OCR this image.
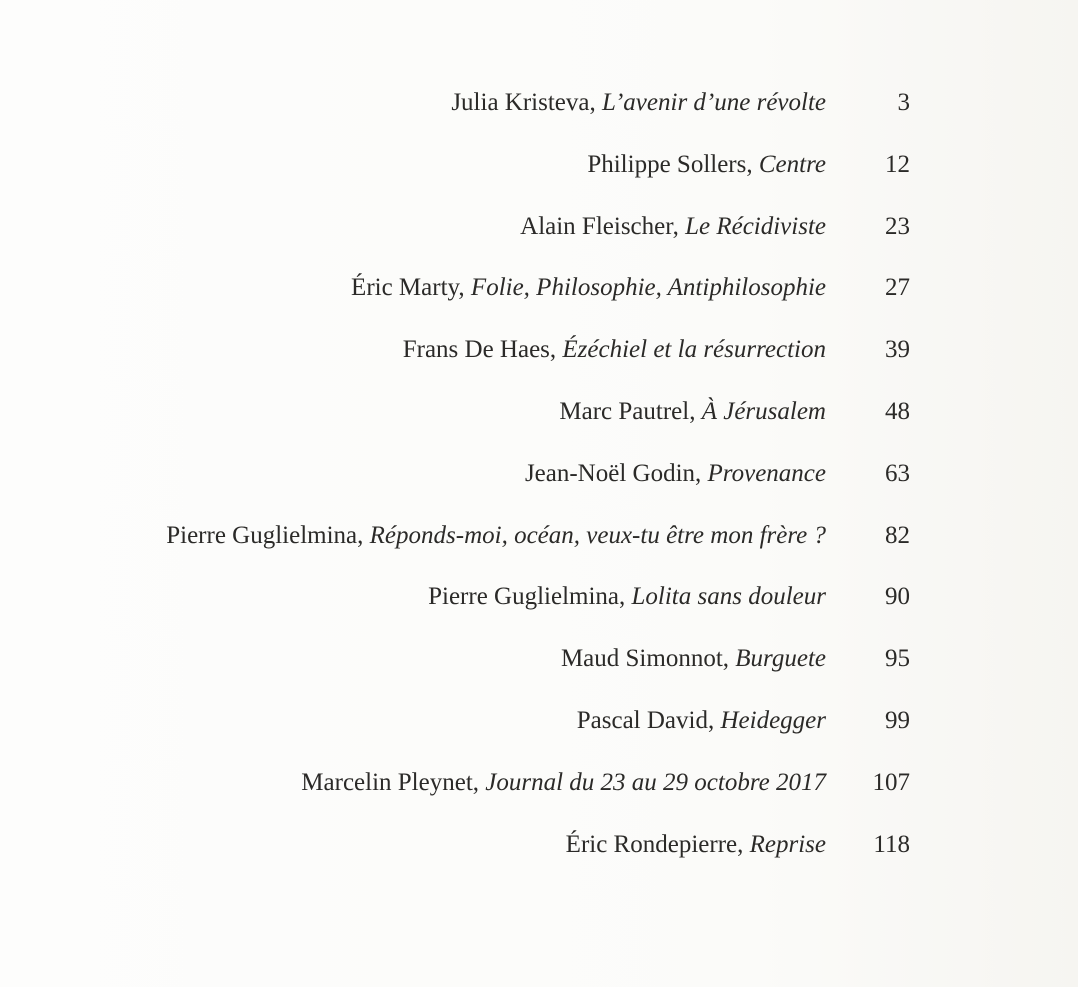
Julia Kristeva, L’avenir d’une révolte	3
Philippe Sollers, Centre 12
Alain Fleischer, Le Récidiviste 23
Éric Marty, Folie, Philosophie, Antiphilosophie 27
Frans De Haes, Ézéchiel et la résurrection 39
Marc Pautrel, À Jérusalem 48
Jean-Noël Godin, Provenance 63
Pierre Guglielmina, Réponds-moi, océan, veux-tu être mon frère ? 82
Pierre Guglielmina, Lolita sans douleur 90
Maud Simonnot, Burguete 95
Pascal David, Heidegger 99
Marcelin Pleynet, Journal du 23 au 29 octobre 2017 107
Éric Rondepierre, Reprise 118
